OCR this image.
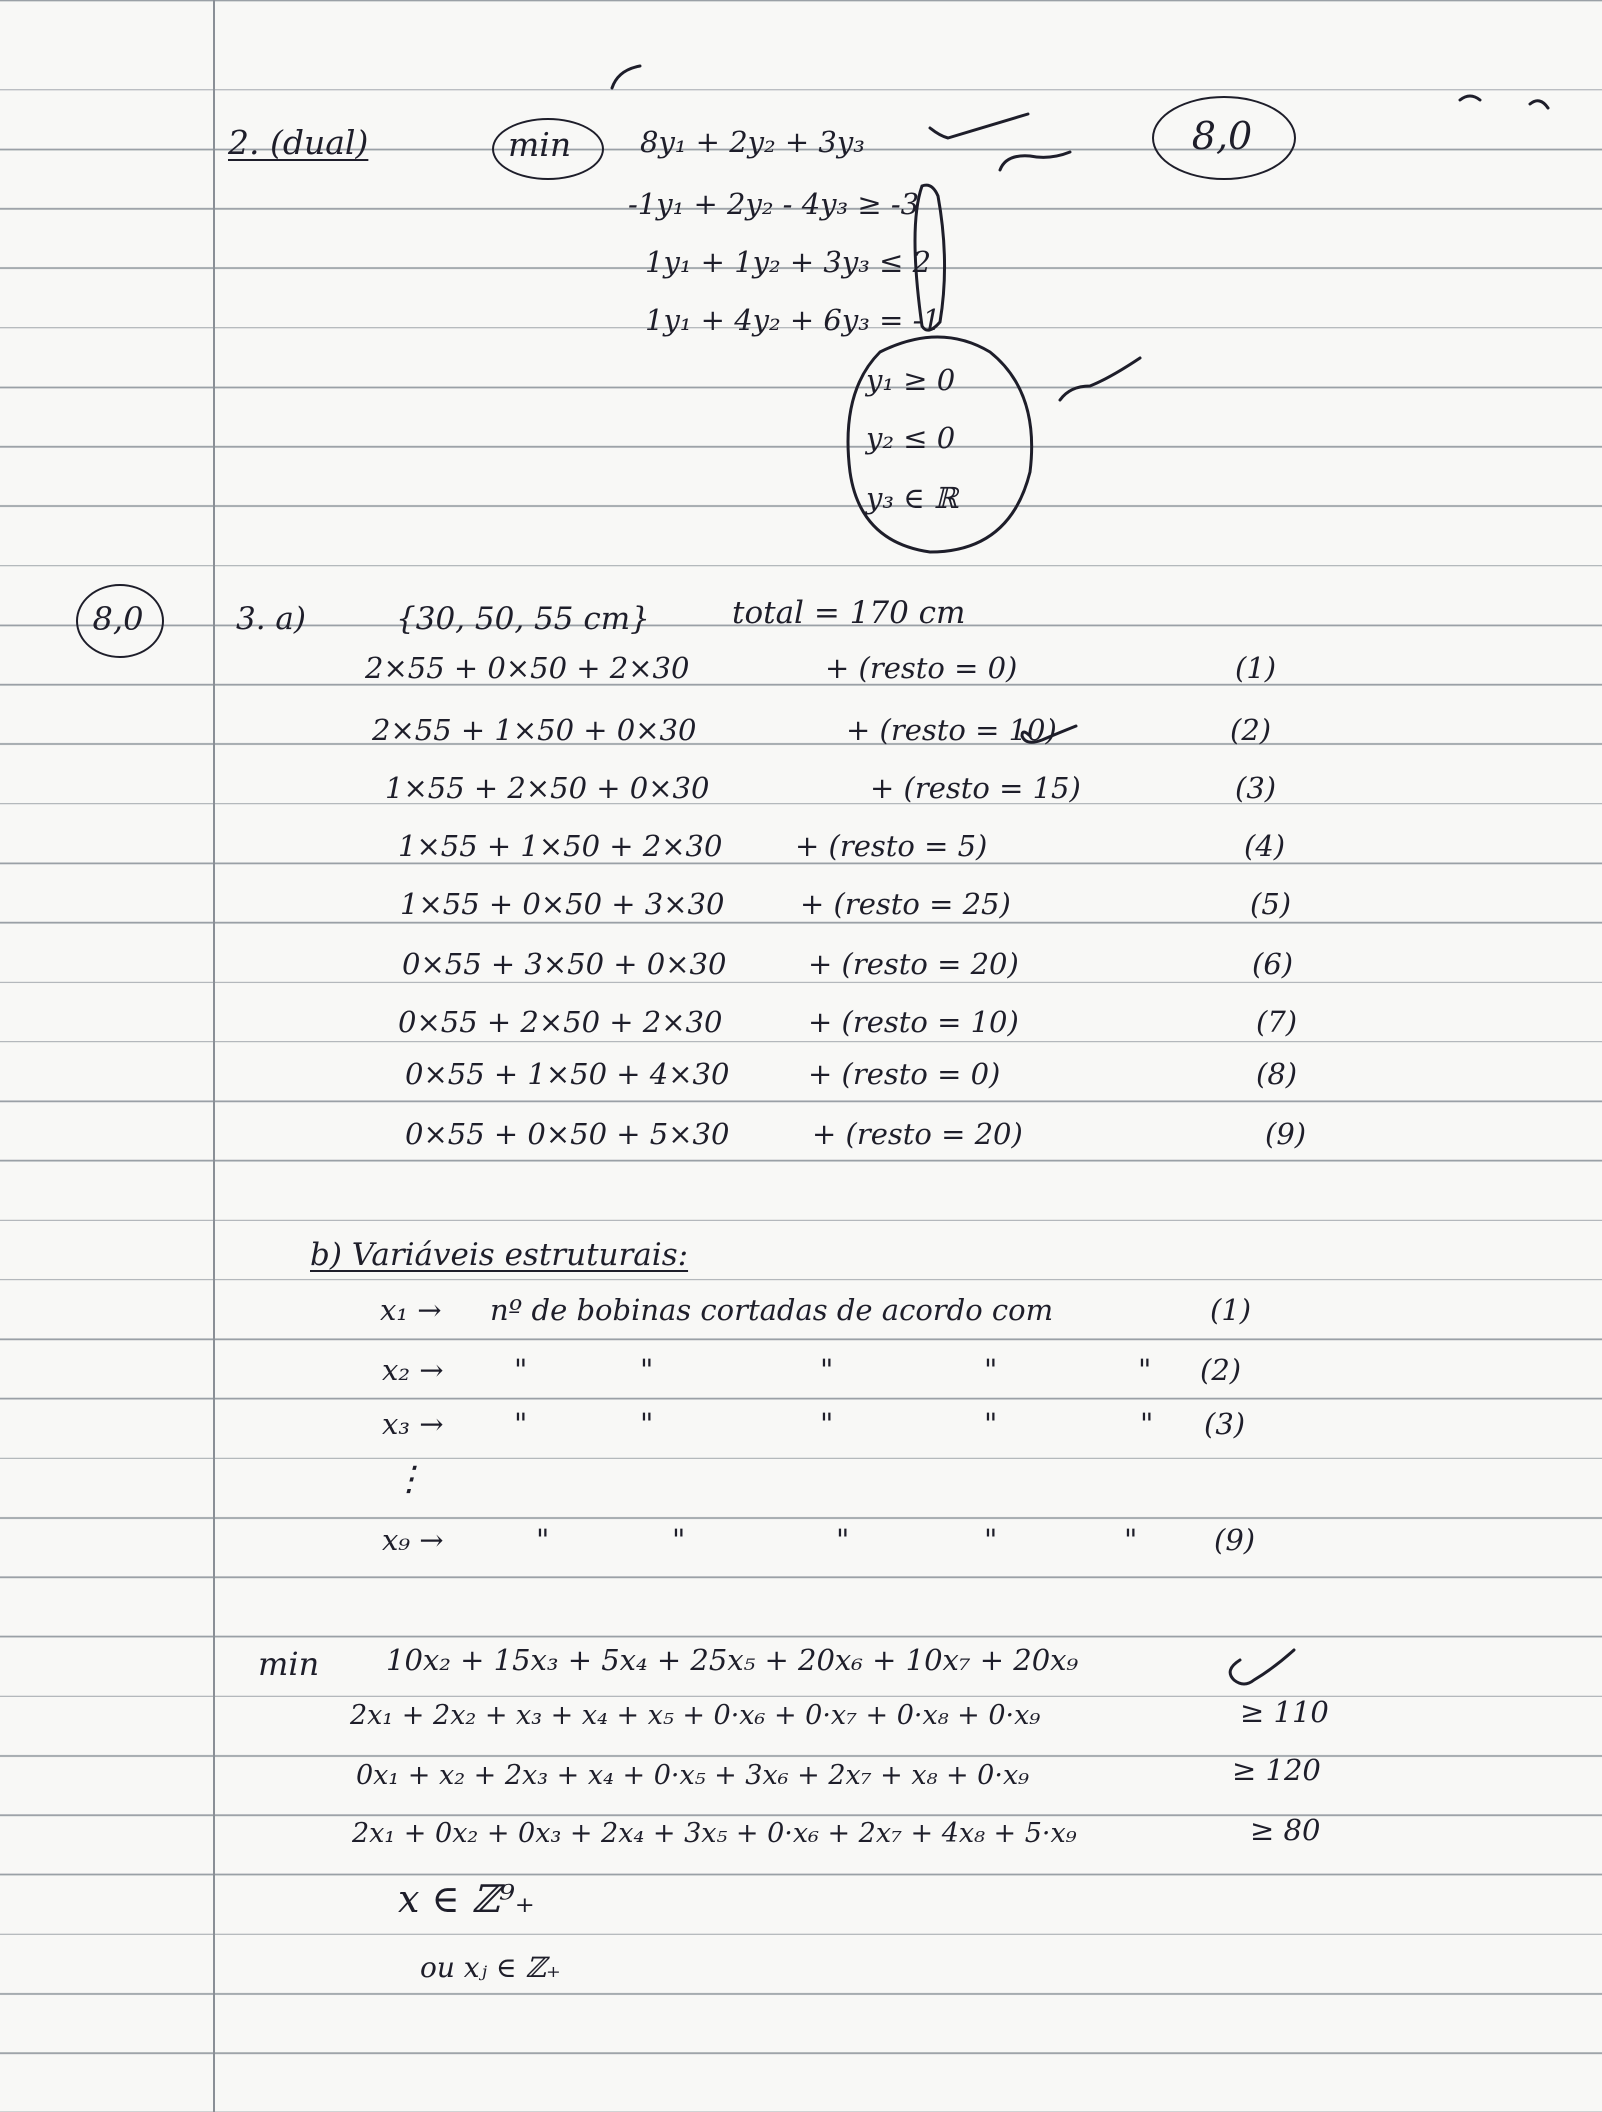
8,0
8,0
2. (dual)	min 8y₁ + 2y₂ + 3y₃
-1y₁ + 2y₂ - 4y₃ ≥ -3
1y₁ + 1y₂ + 3y₃ ≤ 2
1y₁ + 4y₂ + 6y₃ = -1
y₁ ≥ 0
y₂ ≤ 0
y₃ ∈ ℝ
3. a)	{30, 50, 55 cm}	total = 170 cm
2×55 + 0×50 + 2×30	+ (resto = 0)	(1)
2×55 + 1×50 + 0×30	+ (resto = 10)	(2)
1×55 + 2×50 + 0×30	+ (resto = 15)	(3)
1×55 + 1×50 + 2×30	+ (resto = 5)	(4)
1×55 + 0×50 + 3×30	+ (resto = 25)	(5)
0×55 + 3×50 + 0×30	+ (resto = 20)	(6)
0×55 + 2×50 + 2×30	+ (resto = 10)	(7)
0×55 + 1×50 + 4×30	+ (resto = 0)	(8)
0×55 + 0×50 + 5×30	+ (resto = 20)	(9)
b) Variáveis estruturais:
x₁ → nº de bobinas cortadas de acordo com	(1)
x₂ → "	"	"	"	" (2)
x₃ → "	"	"	"	" (3)
⋮
x₉ →	"	"	"	"	"	(9)
min 10x₂ + 15x₃ + 5x₄ + 25x₅ + 20x₆ + 10x₇ + 20x₉
2x₁ + 2x₂ + x₃ + x₄ + x₅ + 0·x₆ + 0·x₇ + 0·x₈ + 0·x₉	≥ 110
0x₁ + x₂ + 2x₃ + x₄ + 0·x₅ + 3x₆ + 2x₇ + x₈ + 0·x₉	≥ 120
2x₁ + 0x₂ + 0x₃ + 2x₄ + 3x₅ + 0·x₆ + 2x₇ + 4x₈ + 5·x₉	≥ 80
x ∈ ℤ⁹₊
ou xⱼ ∈ ℤ₊
